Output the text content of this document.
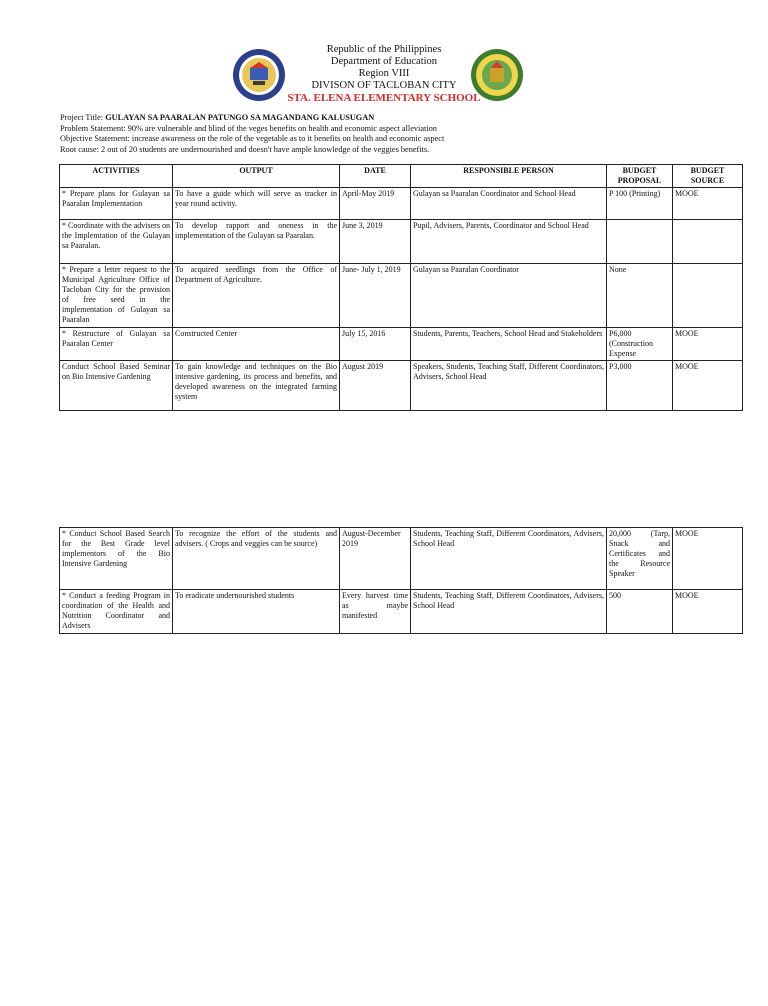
Republic of the Philippines
Department of Education
Region VIII
DIVISON OF TACLOBAN CITY
STA. ELENA ELEMENTARY SCHOOL
Project Title: GULAYAN SA PAARALAN PATUNGO SA MAGANDANG KALUSUGAN
Problem Statement: 90% are vulnerable and blind of the veges benefits on health and economic aspect alleviation
Objective Statement: increase awareness on the role of the vegetable as to it benefits on health and economic aspect
Root cause: 2 out of 20 students are undernourished and doesn't have ample knowledge of the veggies benefits.
ACTIVITIES	OUTPUT	DATE	RESPONSIBLE PERSON	BUDGET PROPOSAL	BUDGET SOURCE
* Prepare plans for Gulayan sa Paaralan Implementation	To have a guide which will serve as tracker in year round activity.	April-May 2019	Gulayan sa Paaralan Coordinator and School Head	P 100 (Printing)	MOOE
* Coordinate with the advisers on the Implemtation of the Gulayan sa Paaralan.	To develop rapport and oneness in the implementation of the Gulayan sa Paaralan.	June 3, 2019	Pupil, Advisers, Parents, Coordinator and School Head		
* Prepare a letter request to the Municipal Agriculture Office of Tacloban City for the provision of free seed in the implementation of Gulayan sa Paaralan	To acquired seedlings from the Office of Department of Agriculture.	June- July 1, 2019	Gulayan sa Paaralan Coordinator	None	
* Restructure of Gulayan sa Paaralan Center	Constructed Center	July 15, 2016	Students, Parents, Teachers, School Head and Stakeholders	P6,000 (Construction Expense	MOOE
Conduct School Based Seminar on Bio Intensive Gardening	To gain knowledge and techniques on the Bio intensive gardening, its process and benefits, and developed awareness on the integrated farming system	August 2019	Speakers, Students, Teaching Staff, Different Coordinators, Advisers, School Head	P3,000	MOOE
* Conduct School Based Search for the Best Grade level implementors of the Bio Intensive Gardening	To recognize the effort of the students and advisers. ( Crops and veggies can be source)	August-December 2019	Students, Teaching Staff, Different Coordinators, Advisers, School Head	20,000 (Tarp, Snack and Certificates and the Resource Speaker	MOOE
* Conduct a feeding Program in coordination of the Health and Nutrition Coordinator and Advisers	To eradicate undernourished students	Every harvest time as maybe manifested	Students, Teaching Staff, Different Coordinators, Advisers, School Head	500	MOOE
